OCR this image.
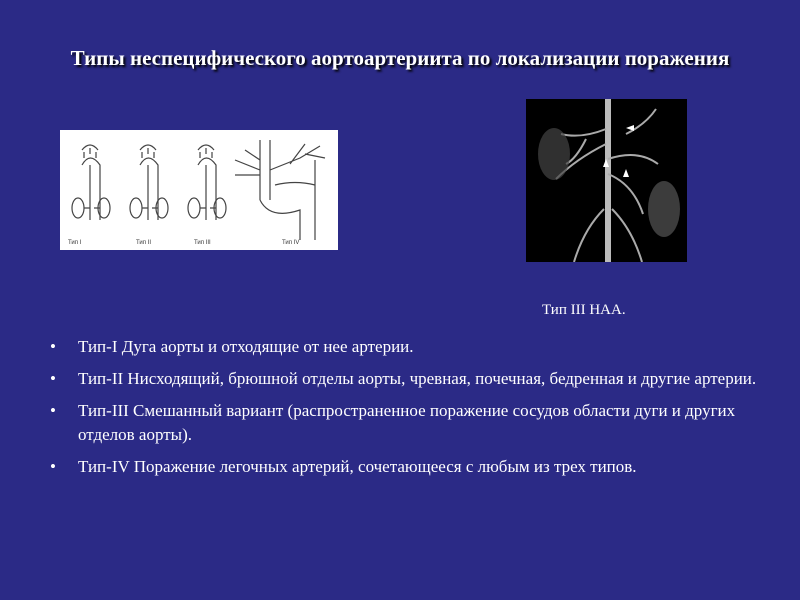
Типы неспецифического аортоартериита по локализации поражения
Тип I	Тип II	Тип III	Тип IV
Тип III НАА.
• Тип-I Дуга аорты и отходящие от нее артерии.
• Тип-II Нисходящий, брюшной отделы аорты, чревная, почечная, бедренная и другие артерии.
• Тип-III Смешанный вариант (распространенное поражение сосудов области дуги и других отделов аорты).
• Тип-IV Поражение легочных артерий, сочетающееся с любым из трех типов.
